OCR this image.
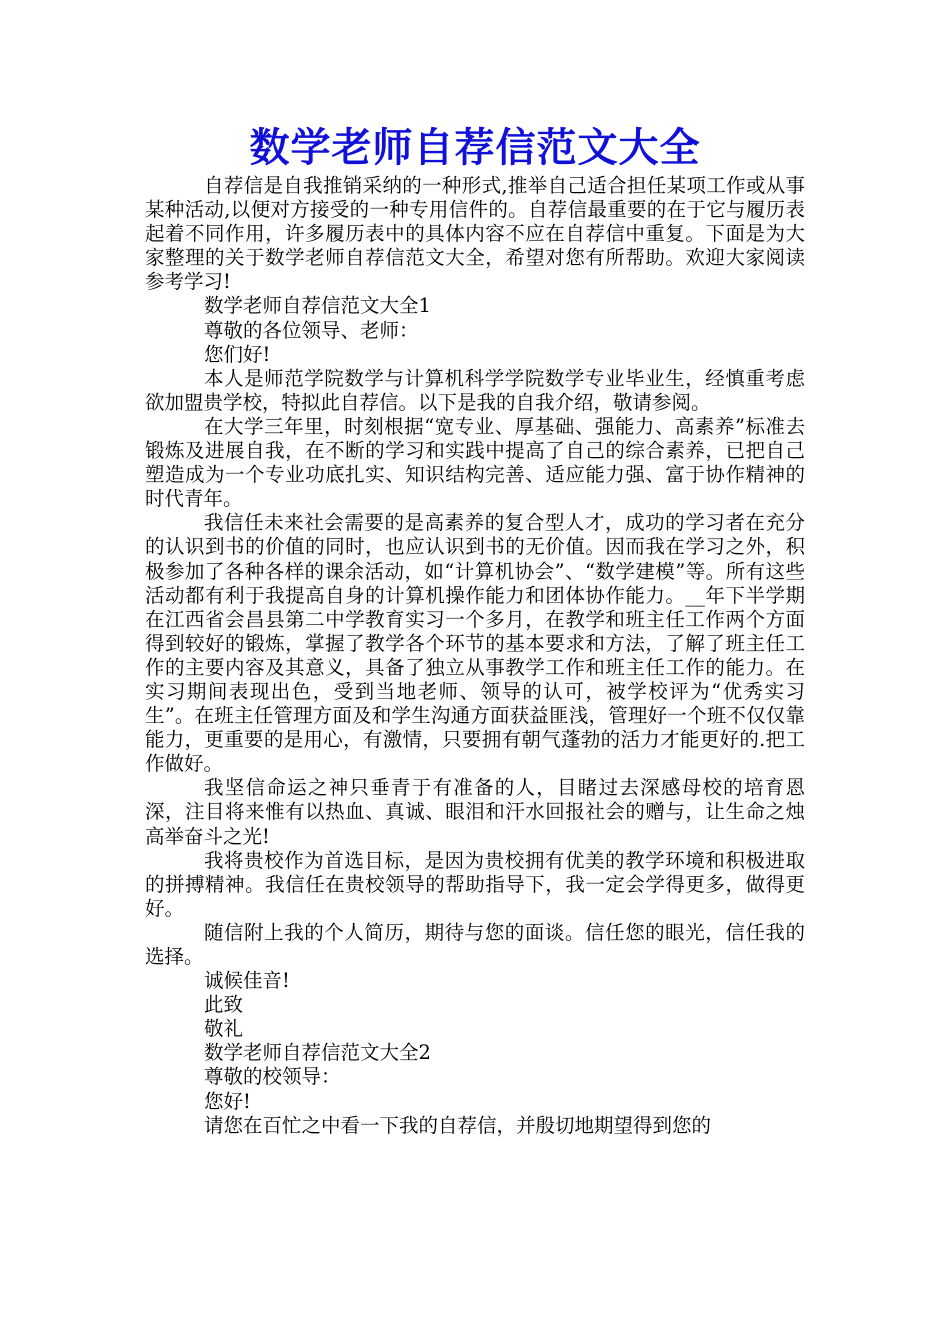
数学老师自荐信范文大全

自荐信是自我推销采纳的一种形式,推举自己适合担任某项工作或从事某种活动,以便对方接受的一种专用信件的。自荐信最重要的在于它与履历表起着不同作用，许多履历表中的具体内容不应在自荐信中重复。下面是为大家整理的关于数学老师自荐信范文大全，希望对您有所帮助。欢迎大家阅读参考学习!

数学老师自荐信范文大全1

尊敬的各位领导、老师：

您们好!

本人是师范学院数学与计算机科学学院数学专业毕业生，经慎重考虑欲加盟贵学校，特拟此自荐信。以下是我的自我介绍，敬请参阅。

在大学三年里，时刻根据“宽专业、厚基础、强能力、高素养”标准去锻炼及进展自我，在不断的学习和实践中提高了自己的综合素养，已把自己塑造成为一个专业功底扎实、知识结构完善、适应能力强、富于协作精神的时代青年。

我信任未来社会需要的是高素养的复合型人才，成功的学习者在充分的认识到书的价值的同时，也应认识到书的无价值。因而我在学习之外，积极参加了各种各样的课余活动，如“计算机协会”、“数学建模”等。所有这些活动都有利于我提高自身的计算机操作能力和团体协作能力。__年下半学期在江西省会昌县第二中学教育实习一个多月，在教学和班主任工作两个方面得到较好的锻炼，掌握了教学各个环节的基本要求和方法，了解了班主任工作的主要内容及其意义，具备了独立从事教学工作和班主任工作的能力。在实习期间表现出色，受到当地老师、领导的认可，被学校评为“优秀实习生”。在班主任管理方面及和学生沟通方面获益匪浅，管理好一个班不仅仅靠能力，更重要的是用心，有激情，只要拥有朝气蓬勃的活力才能更好的.把工作做好。

我坚信命运之神只垂青于有准备的人，目睹过去深感母校的培育恩深，注目将来惟有以热血、真诚、眼泪和汗水回报社会的赠与，让生命之烛高举奋斗之光!

我将贵校作为首选目标，是因为贵校拥有优美的教学环境和积极进取的拼搏精神。我信任在贵校领导的帮助指导下，我一定会学得更多，做得更好。

随信附上我的个人简历，期待与您的面谈。信任您的眼光，信任我的选择。

诚候佳音!

此致

敬礼

数学老师自荐信范文大全2

尊敬的校领导：

您好!

请您在百忙之中看一下我的自荐信，并殷切地期望得到您的
